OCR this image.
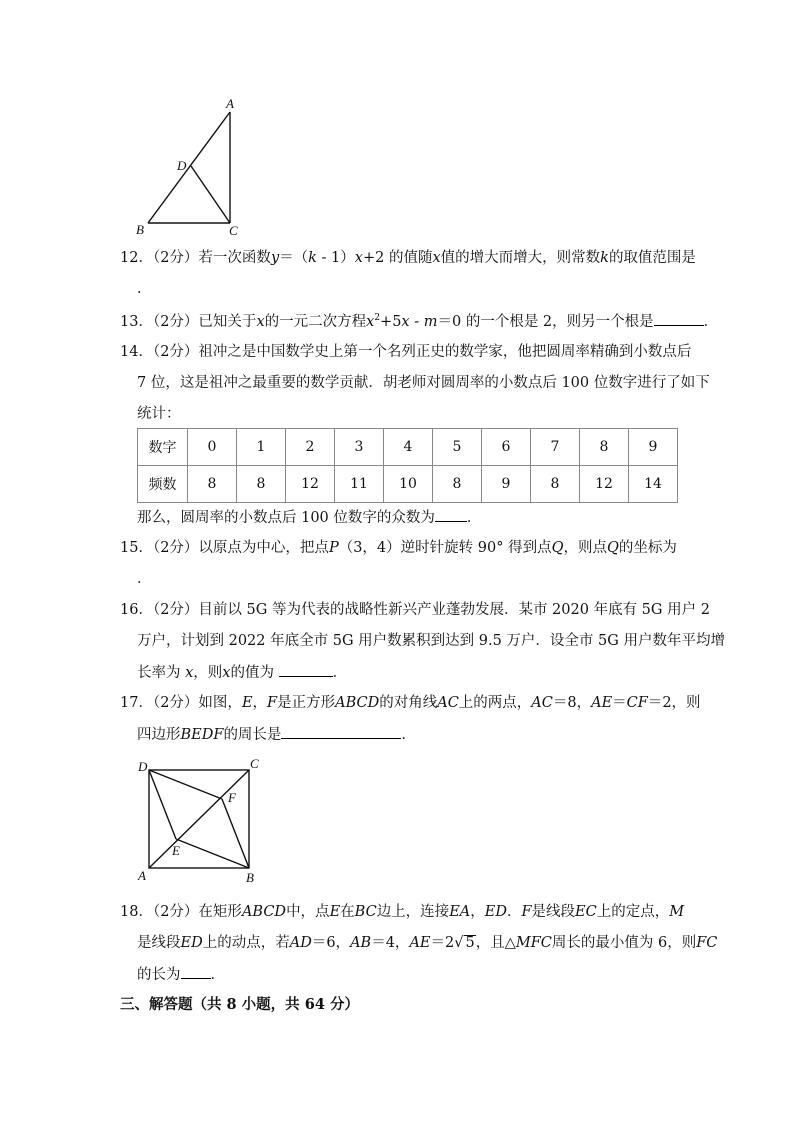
A
D
B	C
12．（2分）若一次函数y＝（k - 1）x+2 的值随x值的增大而增大，则常数k的取值范围是
．
13．（2分）已知关于x的一元二次方程$x^2+5x - m=0$ 的一个根是 2，则另一个根是	．
14．（2分）祖冲之是中国数学史上第一个名列正史的数学家，他把圆周率精确到小数点后
7 位，这是祖冲之最重要的数学贡献．胡老师对圆周率的小数点后 100 位数字进行了如下
统计：
数字	0	1	2	3	4	5	6	7	8	9
频数	8	8	12	11	10	8	9	8	12	14
那么，圆周率的小数点后 100 位数字的众数为 ．
15．（2分）以原点为中心，把点P（3，4）逆时针旋转 90° 得到点Q，则点Q的坐标为
．
16．（2分）目前以 5G 等为代表的战略性新兴产业蓬勃发展．某市 2020 年底有 5G 用户 2
万户，计划到 2022 年底全市 5G 用户数累积到达到 9.5 万户．设全市 5G 用户数年平均增
长率为 x，则x的值为	．
17．（2分）如图，E，F是正方形ABCD的对角线AC上的两点，AC＝8，AE＝CF＝2，则
四边形BEDF的周长是	．
D	C
F
E
A	B
18．（2分）在矩形ABCD中，点E在BC边上，连接EA，ED．F是线段EC上的定点，M
是线段ED上的动点，若AD＝6，AB＝4，AE＝2√ 5，且△MFC周长的最小值为 6，则FC
的长为 ．
三、解答题（共 8 小题，共 64 分）
